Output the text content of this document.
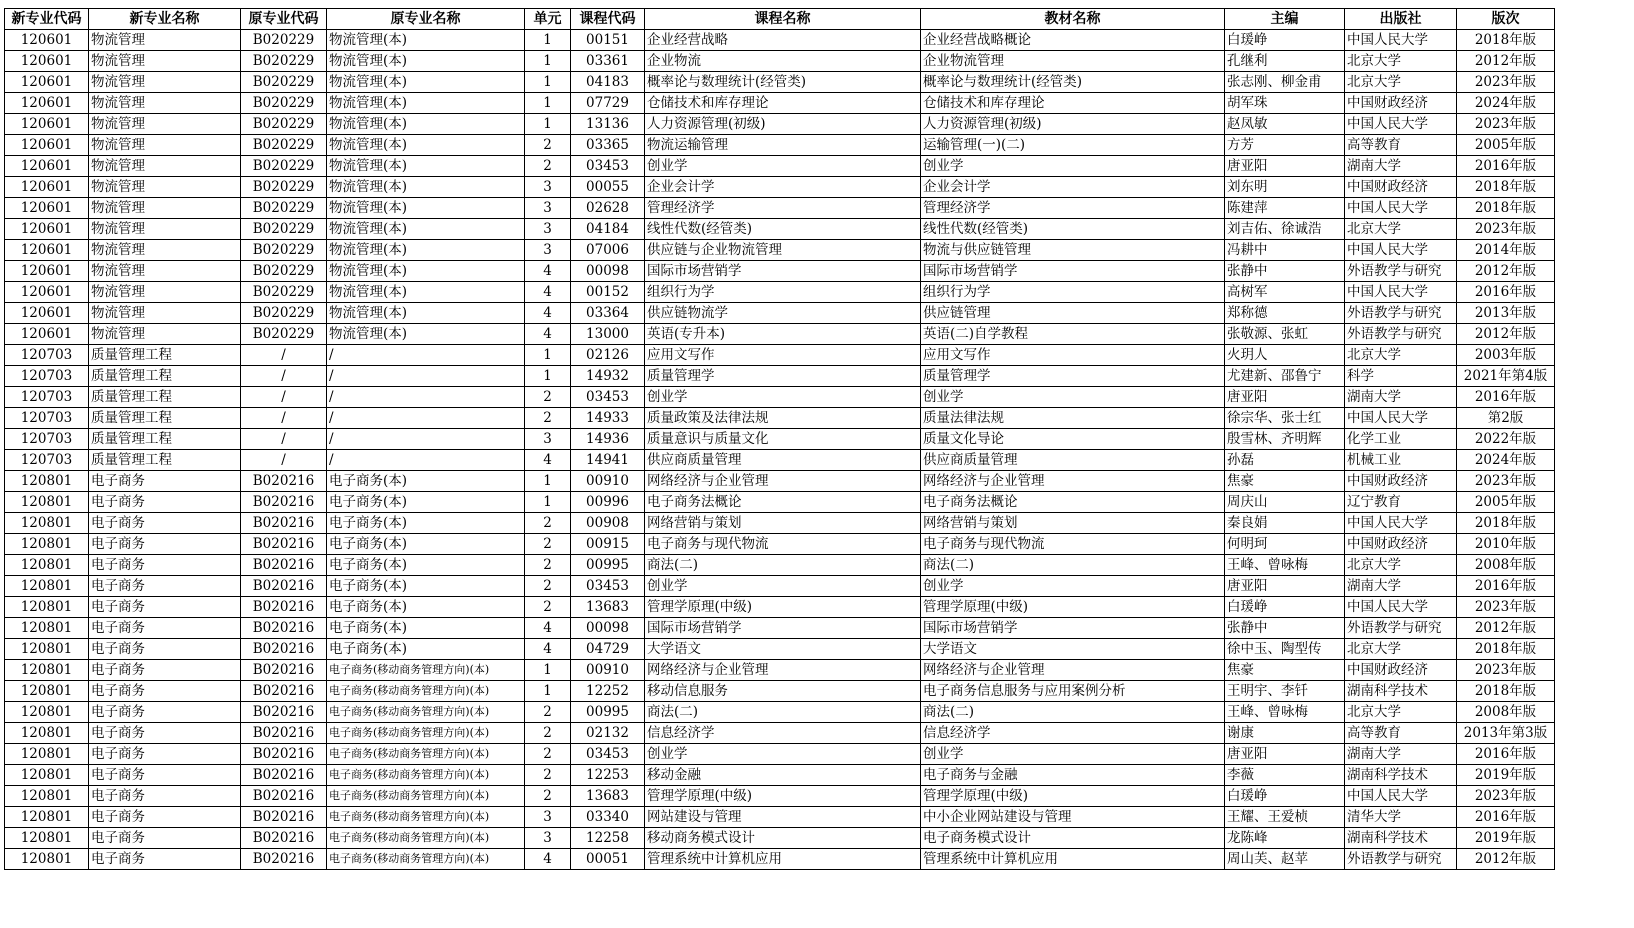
新专业代码	新专业名称	原专业代码	原专业名称	单元	课程代码	课程名称	教材名称	主编	出版社	版次
120601	物流管理	B020229	物流管理(本)	1	00151	企业经营战略	企业经营战略概论	白瑗峥	中国人民大学	2018年版
120601	物流管理	B020229	物流管理(本)	1	03361	企业物流	企业物流管理	孔继利	北京大学	2012年版
120601	物流管理	B020229	物流管理(本)	1	04183	概率论与数理统计(经管类)	概率论与数理统计(经管类)	张志刚、柳金甫	北京大学	2023年版
120601	物流管理	B020229	物流管理(本)	1	07729	仓储技术和库存理论	仓储技术和库存理论	胡军珠	中国财政经济	2024年版
120601	物流管理	B020229	物流管理(本)	1	13136	人力资源管理(初级)	人力资源管理(初级)	赵凤敏	中国人民大学	2023年版
120601	物流管理	B020229	物流管理(本)	2	03365	物流运输管理	运输管理(一)(二)	方芳	高等教育	2005年版
120601	物流管理	B020229	物流管理(本)	2	03453	创业学	创业学	唐亚阳	湖南大学	2016年版
120601	物流管理	B020229	物流管理(本)	3	00055	企业会计学	企业会计学	刘东明	中国财政经济	2018年版
120601	物流管理	B020229	物流管理(本)	3	02628	管理经济学	管理经济学	陈建萍	中国人民大学	2018年版
120601	物流管理	B020229	物流管理(本)	3	04184	线性代数(经管类)	线性代数(经管类)	刘吉佑、徐诚浩	北京大学	2023年版
120601	物流管理	B020229	物流管理(本)	3	07006	供应链与企业物流管理	物流与供应链管理	冯耕中	中国人民大学	2014年版
120601	物流管理	B020229	物流管理(本)	4	00098	国际市场营销学	国际市场营销学	张静中	外语教学与研究	2012年版
120601	物流管理	B020229	物流管理(本)	4	00152	组织行为学	组织行为学	高树军	中国人民大学	2016年版
120601	物流管理	B020229	物流管理(本)	4	03364	供应链物流学	供应链管理	郑称德	外语教学与研究	2013年版
120601	物流管理	B020229	物流管理(本)	4	13000	英语(专升本)	英语(二)自学教程	张敬源、张虹	外语教学与研究	2012年版
120703	质量管理工程	/	/	1	02126	应用文写作	应用文写作	火玥人	北京大学	2003年版
120703	质量管理工程	/	/	1	14932	质量管理学	质量管理学	尤建新、邵鲁宁	科学	2021年第4版
120703	质量管理工程	/	/	2	03453	创业学	创业学	唐亚阳	湖南大学	2016年版
120703	质量管理工程	/	/	2	14933	质量政策及法律法规	质量法律法规	徐宗华、张士红	中国人民大学	第2版
120703	质量管理工程	/	/	3	14936	质量意识与质量文化	质量文化导论	殷雪林、齐明辉	化学工业	2022年版
120703	质量管理工程	/	/	4	14941	供应商质量管理	供应商质量管理	孙磊	机械工业	2024年版
120801	电子商务	B020216	电子商务(本)	1	00910	网络经济与企业管理	网络经济与企业管理	焦豪	中国财政经济	2023年版
120801	电子商务	B020216	电子商务(本)	1	00996	电子商务法概论	电子商务法概论	周庆山	辽宁教育	2005年版
120801	电子商务	B020216	电子商务(本)	2	00908	网络营销与策划	网络营销与策划	秦良娟	中国人民大学	2018年版
120801	电子商务	B020216	电子商务(本)	2	00915	电子商务与现代物流	电子商务与现代物流	何明珂	中国财政经济	2010年版
120801	电子商务	B020216	电子商务(本)	2	00995	商法(二)	商法(二)	王峰、曾咏梅	北京大学	2008年版
120801	电子商务	B020216	电子商务(本)	2	03453	创业学	创业学	唐亚阳	湖南大学	2016年版
120801	电子商务	B020216	电子商务(本)	2	13683	管理学原理(中级)	管理学原理(中级)	白瑗峥	中国人民大学	2023年版
120801	电子商务	B020216	电子商务(本)	4	00098	国际市场营销学	国际市场营销学	张静中	外语教学与研究	2012年版
120801	电子商务	B020216	电子商务(本)	4	04729	大学语文	大学语文	徐中玉、陶型传	北京大学	2018年版
120801	电子商务	B020216	电子商务(移动商务管理方向)(本)	1	00910	网络经济与企业管理	网络经济与企业管理	焦豪	中国财政经济	2023年版
120801	电子商务	B020216	电子商务(移动商务管理方向)(本)	1	12252	移动信息服务	电子商务信息服务与应用案例分析	王明宇、李钎	湖南科学技术	2018年版
120801	电子商务	B020216	电子商务(移动商务管理方向)(本)	2	00995	商法(二)	商法(二)	王峰、曾咏梅	北京大学	2008年版
120801	电子商务	B020216	电子商务(移动商务管理方向)(本)	2	02132	信息经济学	信息经济学	谢康	高等教育	2013年第3版
120801	电子商务	B020216	电子商务(移动商务管理方向)(本)	2	03453	创业学	创业学	唐亚阳	湖南大学	2016年版
120801	电子商务	B020216	电子商务(移动商务管理方向)(本)	2	12253	移动金融	电子商务与金融	李薇	湖南科学技术	2019年版
120801	电子商务	B020216	电子商务(移动商务管理方向)(本)	2	13683	管理学原理(中级)	管理学原理(中级)	白瑗峥	中国人民大学	2023年版
120801	电子商务	B020216	电子商务(移动商务管理方向)(本)	3	03340	网站建设与管理	中小企业网站建设与管理	王耀、王爱桢	清华大学	2016年版
120801	电子商务	B020216	电子商务(移动商务管理方向)(本)	3	12258	移动商务模式设计	电子商务模式设计	龙陈峰	湖南科学技术	2019年版
120801	电子商务	B020216	电子商务(移动商务管理方向)(本)	4	00051	管理系统中计算机应用	管理系统中计算机应用	周山芙、赵苹	外语教学与研究	2012年版
